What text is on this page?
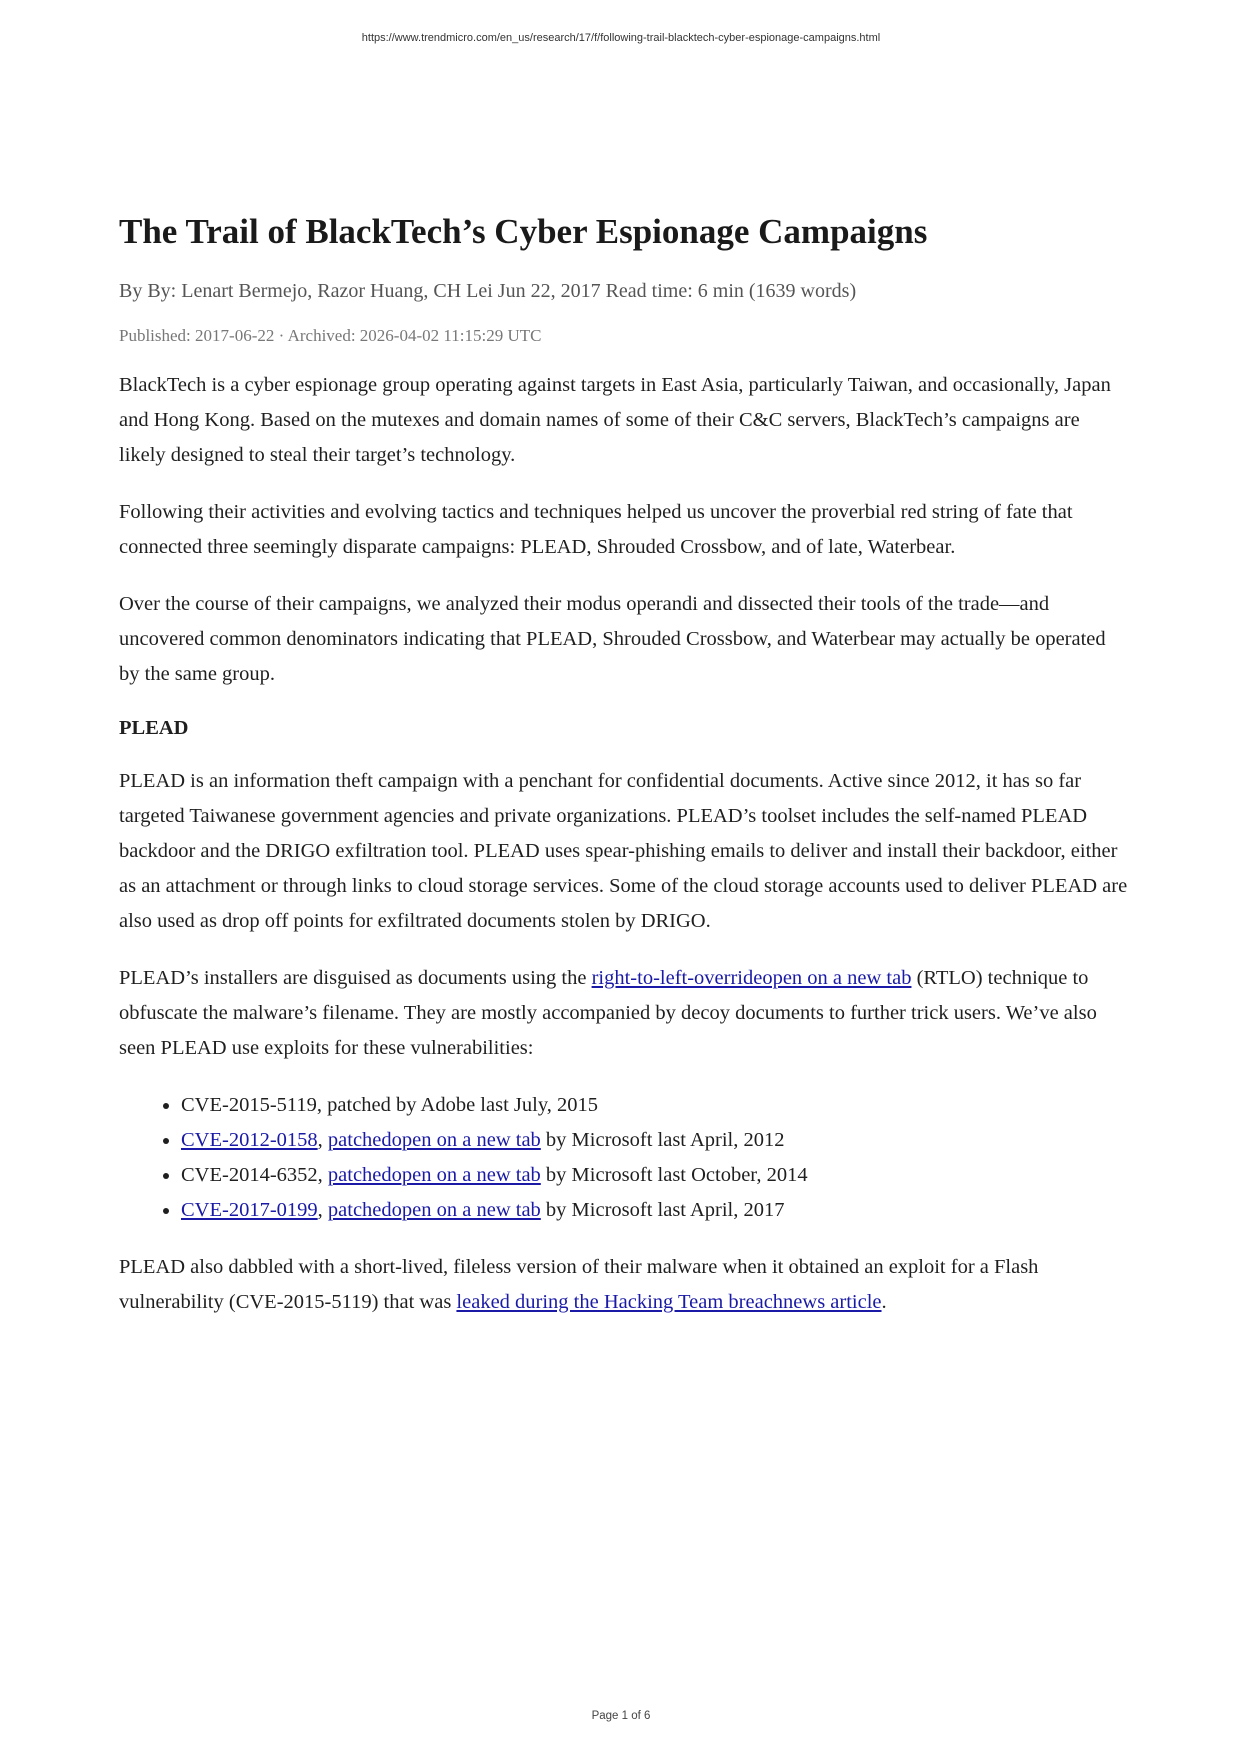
https://www.trendmicro.com/en_us/research/17/f/following-trail-blacktech-cyber-espionage-campaigns.html
The Trail of BlackTech’s Cyber Espionage Campaigns
By By: Lenart Bermejo, Razor Huang, CH Lei Jun 22, 2017 Read time: 6 min (1639 words)
Published: 2017-06-22 · Archived: 2026-04-02 11:15:29 UTC

BlackTech is a cyber espionage group operating against targets in East Asia, particularly Taiwan, and occasionally, Japan and Hong Kong. Based on the mutexes and domain names of some of their C&C servers, BlackTech’s campaigns are likely designed to steal their target’s technology.

Following their activities and evolving tactics and techniques helped us uncover the proverbial red string of fate that connected three seemingly disparate campaigns: PLEAD, Shrouded Crossbow, and of late, Waterbear.

Over the course of their campaigns, we analyzed their modus operandi and dissected their tools of the trade—and uncovered common denominators indicating that PLEAD, Shrouded Crossbow, and Waterbear may actually be operated by the same group.

PLEAD

PLEAD is an information theft campaign with a penchant for confidential documents. Active since 2012, it has so far targeted Taiwanese government agencies and private organizations. PLEAD’s toolset includes the self-named PLEAD backdoor and the DRIGO exfiltration tool. PLEAD uses spear-phishing emails to deliver and install their backdoor, either as an attachment or through links to cloud storage services. Some of the cloud storage accounts used to deliver PLEAD are also used as drop off points for exfiltrated documents stolen by DRIGO.

PLEAD’s installers are disguised as documents using the right-to-left-overrideopen on a new tab (RTLO) technique to obfuscate the malware’s filename. They are mostly accompanied by decoy documents to further trick users. We’ve also seen PLEAD use exploits for these vulnerabilities:

• CVE-2015-5119, patched by Adobe last July, 2015
• CVE-2012-0158, patchedopen on a new tab by Microsoft last April, 2012
• CVE-2014-6352, patchedopen on a new tab by Microsoft last October, 2014
• CVE-2017-0199, patchedopen on a new tab by Microsoft last April, 2017

PLEAD also dabbled with a short-lived, fileless version of their malware when it obtained an exploit for a Flash vulnerability (CVE-2015-5119) that was leaked during the Hacking Team breachnews article.

Page 1 of 6
